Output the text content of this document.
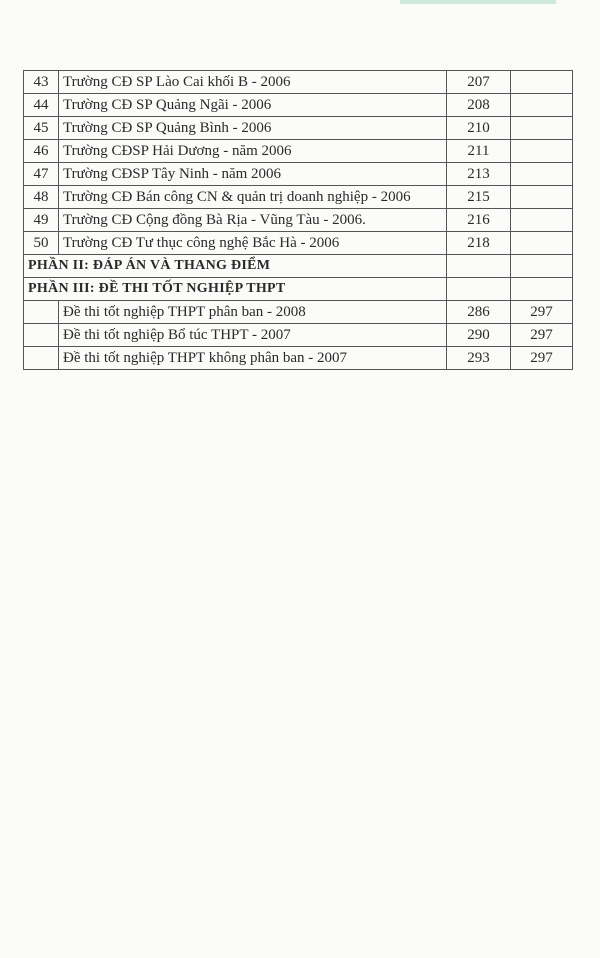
43	Trường CĐ SP Lào Cai khối B - 2006	207	
44	Trường CĐ SP Quảng Ngãi - 2006	208	
45	Trường CĐ SP Quảng Bình - 2006	210	
46	Trường CĐSP Hải Dương - năm 2006	211	
47	Trường CĐSP Tây Ninh - năm 2006	213	
48	Trường CĐ Bán công CN & quản trị doanh nghiệp - 2006	215	
49	Trường CĐ Cộng đồng Bà Rịa - Vũng Tàu - 2006.	216	
50	Trường CĐ Tư thục công nghệ Bắc Hà - 2006	218	
PHẦN II: ĐÁP ÁN VÀ THANG ĐIỂM			
PHẦN III: ĐỀ THI TỐT NGHIỆP THPT			
	Đề thi tốt nghiệp THPT phân ban - 2008	286	297
	Đề thi tốt nghiệp Bổ túc THPT - 2007	290	297
	Đề thi tốt nghiệp THPT không phân ban - 2007	293	297
